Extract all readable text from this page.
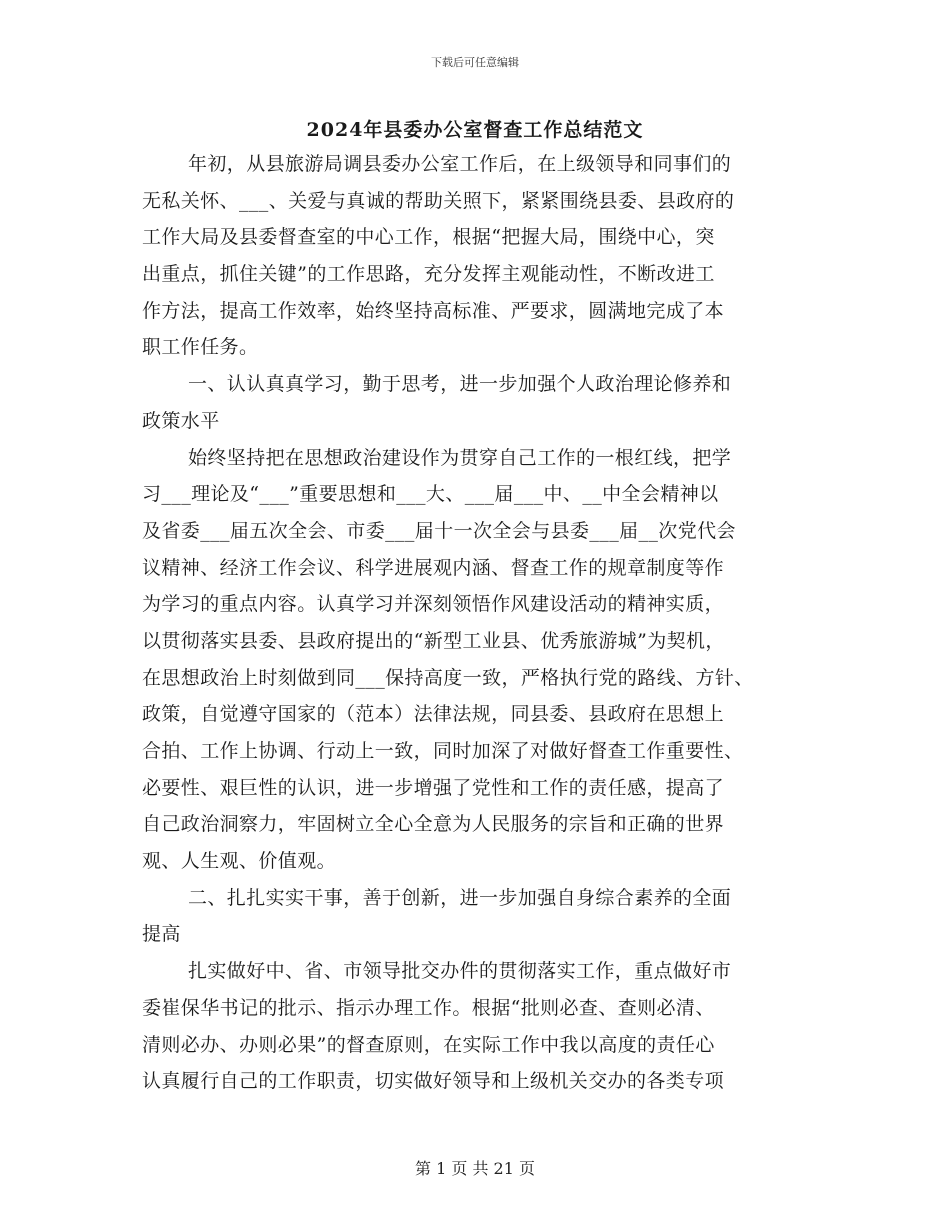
下载后可任意编辑
2024年县委办公室督查工作总结范文
年初，从县旅游局调县委办公室工作后，在上级领导和同事们的
无私关怀、___、关爱与真诚的帮助关照下，紧紧围绕县委、县政府的
工作大局及县委督查室的中心工作，根据“把握大局，围绕中心，突
出重点，抓住关键”的工作思路，充分发挥主观能动性，不断改进工
作方法，提高工作效率，始终坚持高标准、严要求，圆满地完成了本
职工作任务。
一、认认真真学习，勤于思考，进一步加强个人政治理论修养和
政策水平
始终坚持把在思想政治建设作为贯穿自己工作的一根红线，把学
习___理论及“___”重要思想和___大、___届___中、__中全会精神以
及省委___届五次全会、市委___届十一次全会与县委___届__次党代会
议精神、经济工作会议、科学进展观内涵、督查工作的规章制度等作
为学习的重点内容。认真学习并深刻领悟作风建设活动的精神实质，
以贯彻落实县委、县政府提出的“新型工业县、优秀旅游城”为契机，
在思想政治上时刻做到同___保持高度一致，严格执行党的路线、方针、
政策，自觉遵守国家的（范本）法律法规，同县委、县政府在思想上
合拍、工作上协调、行动上一致，同时加深了对做好督查工作重要性、
必要性、艰巨性的认识，进一步增强了党性和工作的责任感，提高了
自己政治洞察力，牢固树立全心全意为人民服务的宗旨和正确的世界
观、人生观、价值观。
二、扎扎实实干事，善于创新，进一步加强自身综合素养的全面
提高
扎实做好中、省、市领导批交办件的贯彻落实工作，重点做好市
委崔保华书记的批示、指示办理工作。根据“批则必查、查则必清、
清则必办、办则必果”的督查原则，在实际工作中我以高度的责任心
认真履行自己的工作职责，切实做好领导和上级机关交办的各类专项
第 1 页 共 21 页
